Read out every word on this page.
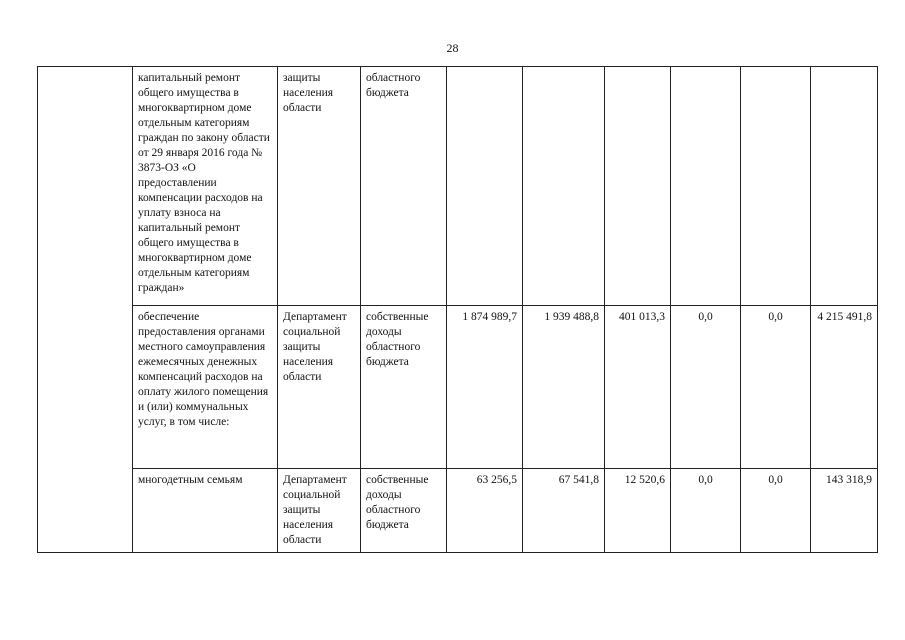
28
	капитальный ремонт общего имущества в многоквартирном доме отдельным категориям граждан по закону области от 29 января 2016 года № 3873-ОЗ «О предоставлении компенсации расходов на уплату взноса на капитальный ремонт общего имущества в многоквартирном доме отдельным категориям граждан»	защиты населения области	областного бюджета						
	обеспечение предоставления органами местного самоуправления ежемесячных денежных компенсаций расходов на оплату жилого помещения и (или) коммунальных услуг, в том числе:	Департамент социальной защиты населения области	собственные доходы областного бюджета	1 874 989,7	1 939 488,8	401 013,3	0,0	0,0	4 215 491,8
	многодетным семьям	Департамент социальной защиты населения области	собственные доходы областного бюджета	63 256,5	67 541,8	12 520,6	0,0	0,0	143 318,9
